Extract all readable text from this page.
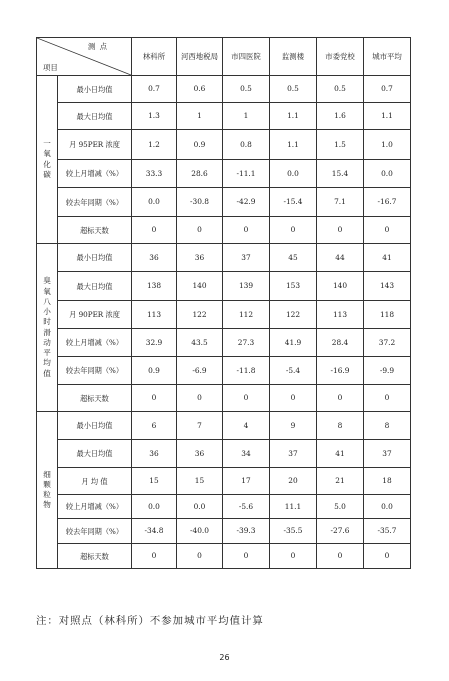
测 点
项目		林科所	河西地税局	市四医院	监测楼	市委党校	城市平均

一氧化碳	最小日均值	0.7	0.6	0.5	0.5	0.5	0.7
	最大日均值	1.3	1	1	1.1	1.6	1.1
	月 95PER 浓度	1.2	0.9	0.8	1.1	1.5	1.0
	较上月增减（%）	33.3	28.6	-11.1	0.0	15.4	0.0
	较去年同期（%）	0.0	-30.8	-42.9	-15.4	7.1	-16.7
	超标天数	0	0	0	0	0	0

臭氧八小时滑动平均值	最小日均值	36	36	37	45	44	41
	最大日均值	138	140	139	153	140	143
	月 90PER 浓度	113	122	112	122	113	118
	较上月增减（%）	32.9	43.5	27.3	41.9	28.4	37.2
	较去年同期（%）	0.9	-6.9	-11.8	-5.4	-16.9	-9.9
	超标天数	0	0	0	0	0	0

细颗粒物	最小日均值	6	7	4	9	8	8
	最大日均值	36	36	34	37	41	37
	月 均 值	15	15	17	20	21	18
	较上月增减（%）	0.0	0.0	-5.6	11.1	5.0	0.0
	较去年同期（%）	-34.8	-40.0	-39.3	-35.5	-27.6	-35.7
	超标天数	0	0	0	0	0	0
注：对照点（林科所）不参加城市平均值计算
26
